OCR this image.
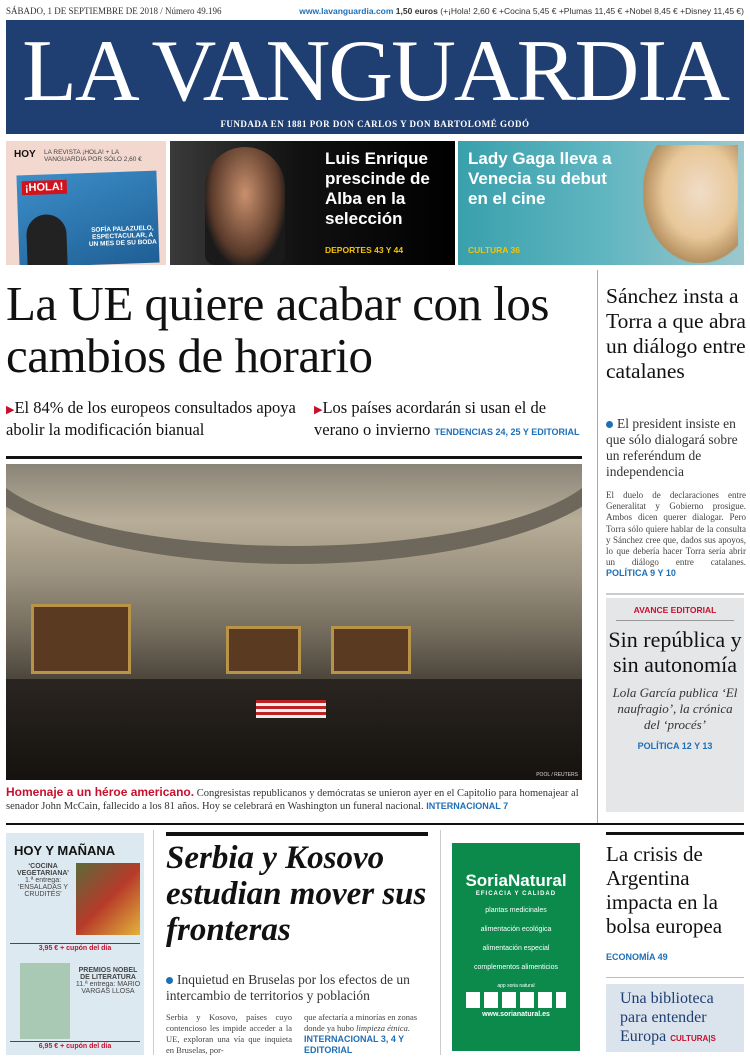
SÁBADO, 1 DE SEPTIEMBRE DE 2018 / Número 49.196	www.lavanguardia.com 1,50 euros (+¡Hola! 2,60 € +Cocina 5,45 € +Plumas 11,45 € +Nobel 8,45 € +Disney 11,45 €)
LA VANGUARDIA
FUNDADA EN 1881 POR DON CARLOS Y DON BARTOLOMÉ GODÓ
HOY LA REVISTA ¡HOLA! + LA VANGUARDIA POR SÓLO 2,60 €
¡HOLA!
SOFÍA PALAZUELO, ESPECTACULAR, A UN MES DE SU BODA
Luis Enrique prescinde de Alba en la selección
DEPORTES 43 Y 44
Lady Gaga lleva a Venecia su debut en el cine
CULTURA 36
La UE quiere acabar con los cambios de horario
▶El 84% de los europeos consultados apoya abolir la modificación bianual
▶Los países acordarán si usan el de verano o invierno TENDENCIAS 24, 25 Y EDITORIAL
POOL / REUTERS
Homenaje a un héroe americano. Congresistas republicanos y demócratas se unieron ayer en el Capitolio para homenajear al senador John McCain, fallecido a los 81 años. Hoy se celebrará en Washington un funeral nacional. INTERNACIONAL 7
Sánchez insta a Torra a que abra un diálogo entre catalanes
El president insiste en que sólo dialogará sobre un referéndum de independencia
El duelo de declaraciones entre Generalitat y Gobierno prosigue. Ambos dicen querer dialogar. Pero Torra sólo quiere hablar de la consulta y Sánchez cree que, dados sus apoyos, lo que debería hacer Torra sería abrir un diálogo entre catalanes. POLÍTICA 9 Y 10
AVANCE EDITORIAL
Sin república y sin autonomía
Lola García publica ‘El naufragio’, la crónica del ‘procés’
POLÍTICA 12 Y 13
HOY Y MAÑANA
‘COCINA VEGETARIANA’
1.ª entrega: ‘ENSALADAS Y CRUDITÉS’
3,95 € + cupón del día
PREMIOS NOBEL DE LITERATURA
11.ª entrega: MARIO VARGAS LLOSA
6,95 € + cupón del día
Serbia y Kosovo estudian mover sus fronteras
Inquietud en Bruselas por los efectos de un intercambio de territorios y población
Serbia y Kosovo, países cuyo contencioso les impide acceder a la UE, exploran una vía que inquieta en Bruselas, por-
que afectaría a minorías en zonas donde ya hubo limpieza étnica. INTERNACIONAL 3, 4 Y EDITORIAL
SoriaNatural
EFICACIA Y CALIDAD
plantas medicinales
alimentación ecológica
alimentación especial
complementos alimenticios
app soria natural
www.sorianatural.es
La crisis de Argentina impacta en la bolsa europea
ECONOMÍA 49
Una biblioteca para entender Europa CULTURA|S
